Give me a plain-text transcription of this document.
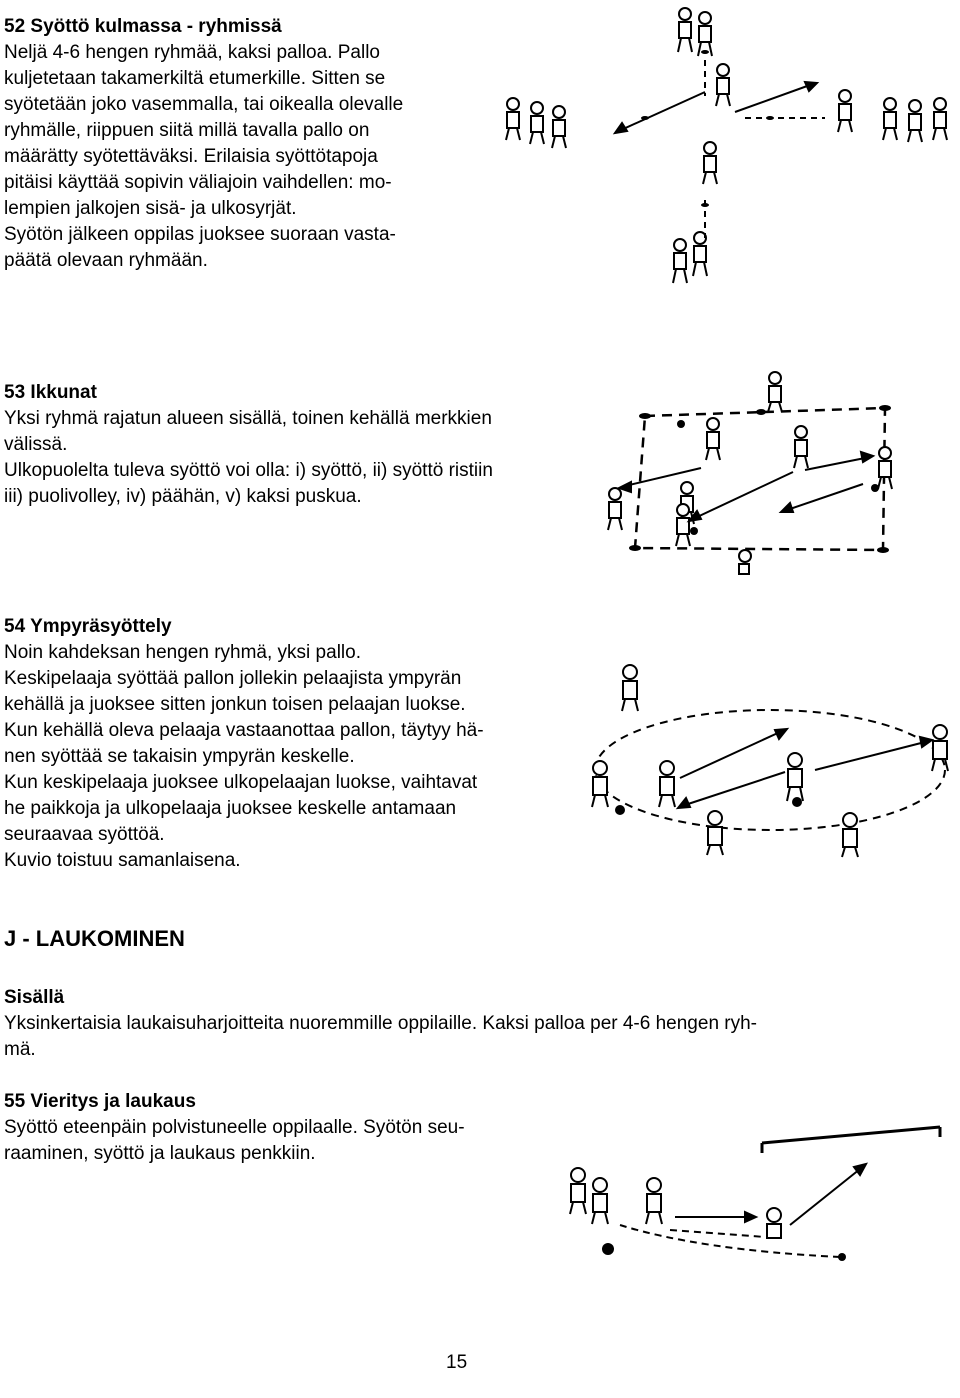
52 Syöttö kulmassa - ryhmissä

Neljä 4-6 hengen ryhmää, kaksi palloa. Pallo

kuljetetaan takamerkiltä etumerkille. Sitten se

syötetään joko vasemmalla, tai oikealla olevalle

ryhmälle, riippuen siitä millä tavalla pallo on

määrätty syötettäväksi. Erilaisia syöttötapoja

pitäisi käyttää sopivin väliajoin vaihdellen: mo-

lempien jalkojen sisä- ja ulkosyrjät.

Syötön jälkeen oppilas juoksee suoraan vasta-

päätä olevaan ryhmään.

53 Ikkunat

Yksi ryhmä rajatun alueen sisällä, toinen kehällä merkkien

välissä.

Ulkopuolelta tuleva syöttö voi olla: i) syöttö, ii) syöttö ristiin

iii) puolivolley, iv) päähän, v) kaksi puskua.

54 Ympyräsyöttely

Noin kahdeksan hengen ryhmä, yksi pallo.

Keskipelaaja syöttää pallon jollekin pelaajista ympyrän

kehällä ja juoksee sitten jonkun toisen pelaajan luokse.

Kun kehällä oleva pelaaja vastaanottaa pallon, täytyy hä-

nen syöttää se takaisin ympyrän keskelle.

Kun keskipelaaja juoksee ulkopelaajan luokse, vaihtavat

he paikkoja ja ulkopelaaja juoksee keskelle antamaan

seuraavaa syöttöä.

Kuvio toistuu samanlaisena.

J - LAUKOMINEN

Sisällä

Yksinkertaisia laukaisuharjoitteita nuoremmille oppilaille. Kaksi palloa per 4-6 hengen ryh-

mä.

55 Vieritys ja laukaus

Syöttö eteenpäin polvistuneelle oppilaalle. Syötön seu-

raaminen, syöttö ja laukaus penkkiin.

15
